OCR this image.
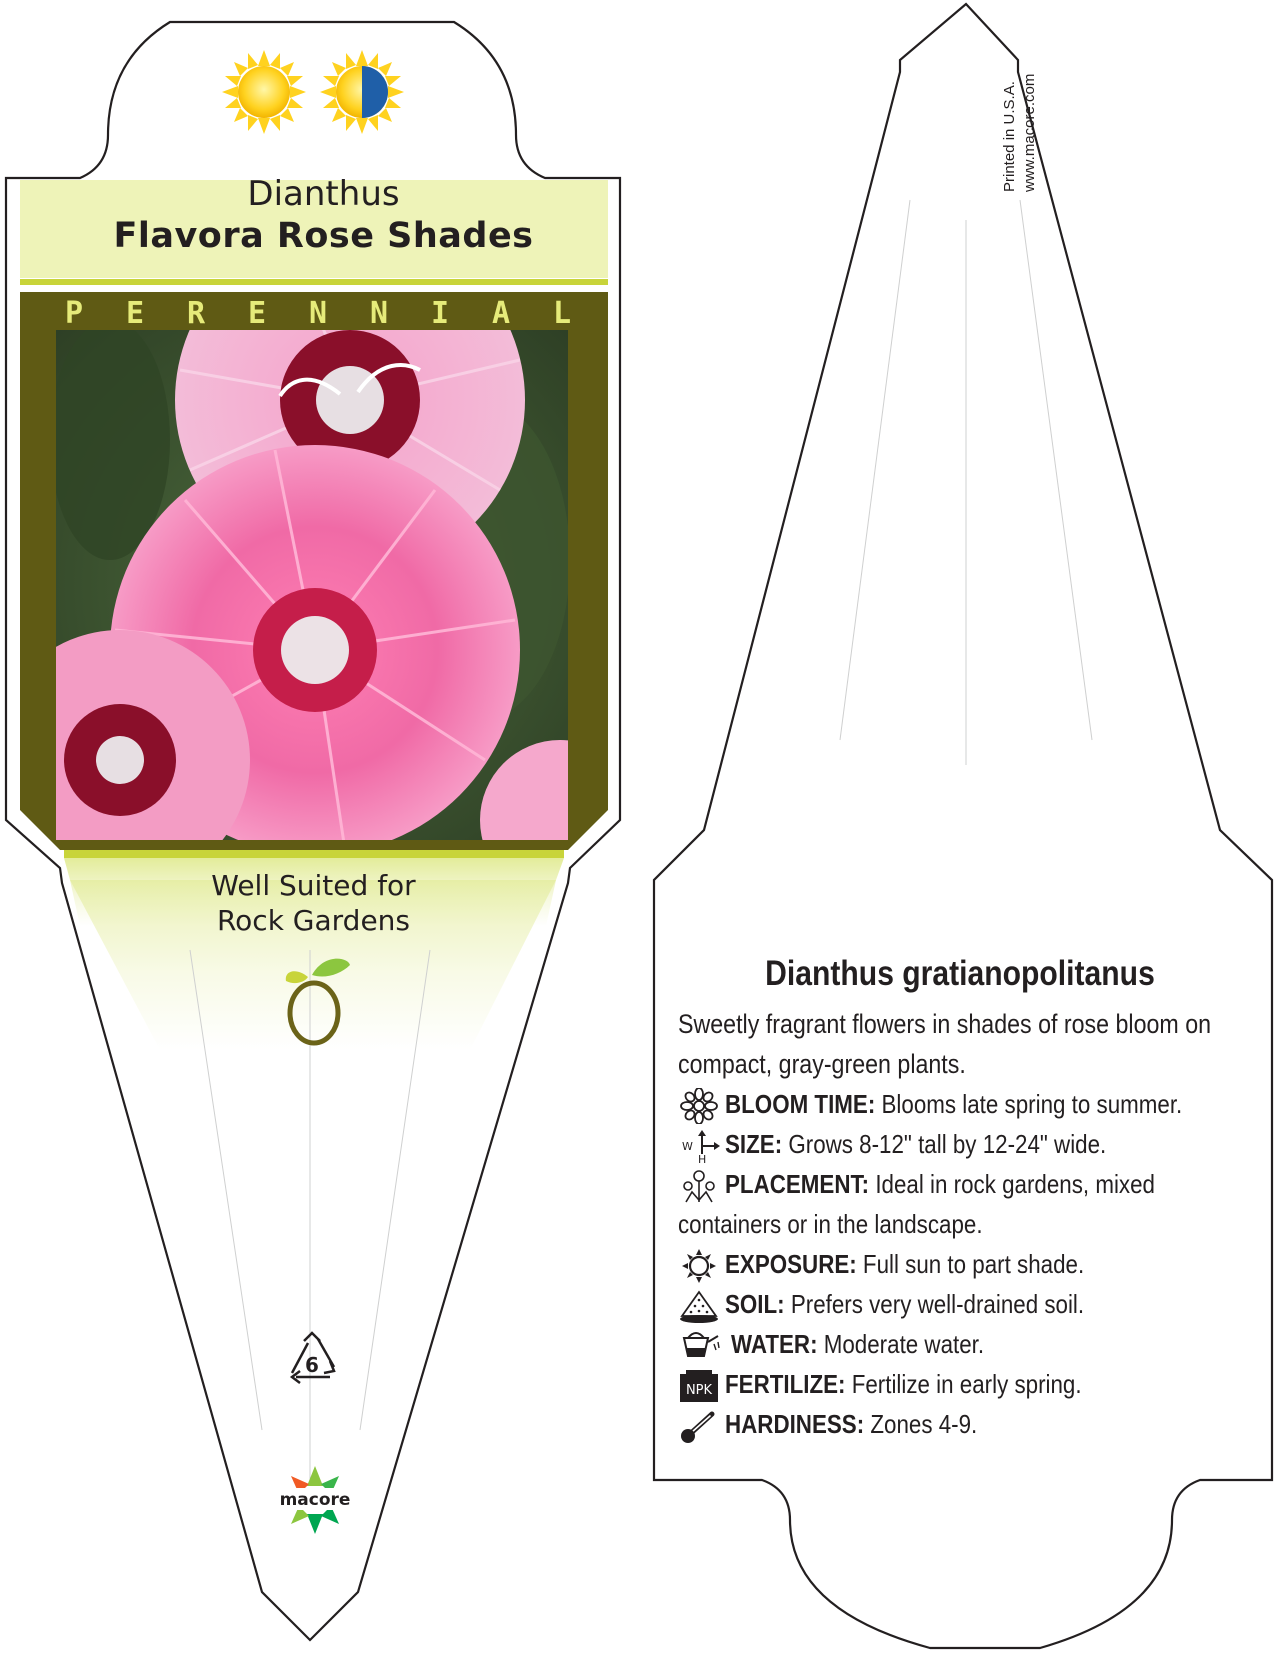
Dianthus
Flavora Rose Shades
P E R E N N I A L
Well Suited for
Rock Gardens
6
macore
Printed in U.S.A. www.macore.com
Dianthus gratianopolitanus
Sweetly fragrant flowers in shades of rose bloom on
compact, gray-green plants.
BLOOM TIME: Blooms late spring to summer.
W
H
SIZE: Grows 8-12" tall by 12-24" wide.
PLACEMENT: Ideal in rock gardens, mixed
containers or in the landscape.
EXPOSURE: Full sun to part shade.
SOIL: Prefers very well-drained soil.
WATER: Moderate water.
NPK FERTILIZE: Fertilize in early spring.
HARDINESS: Zones 4-9.
